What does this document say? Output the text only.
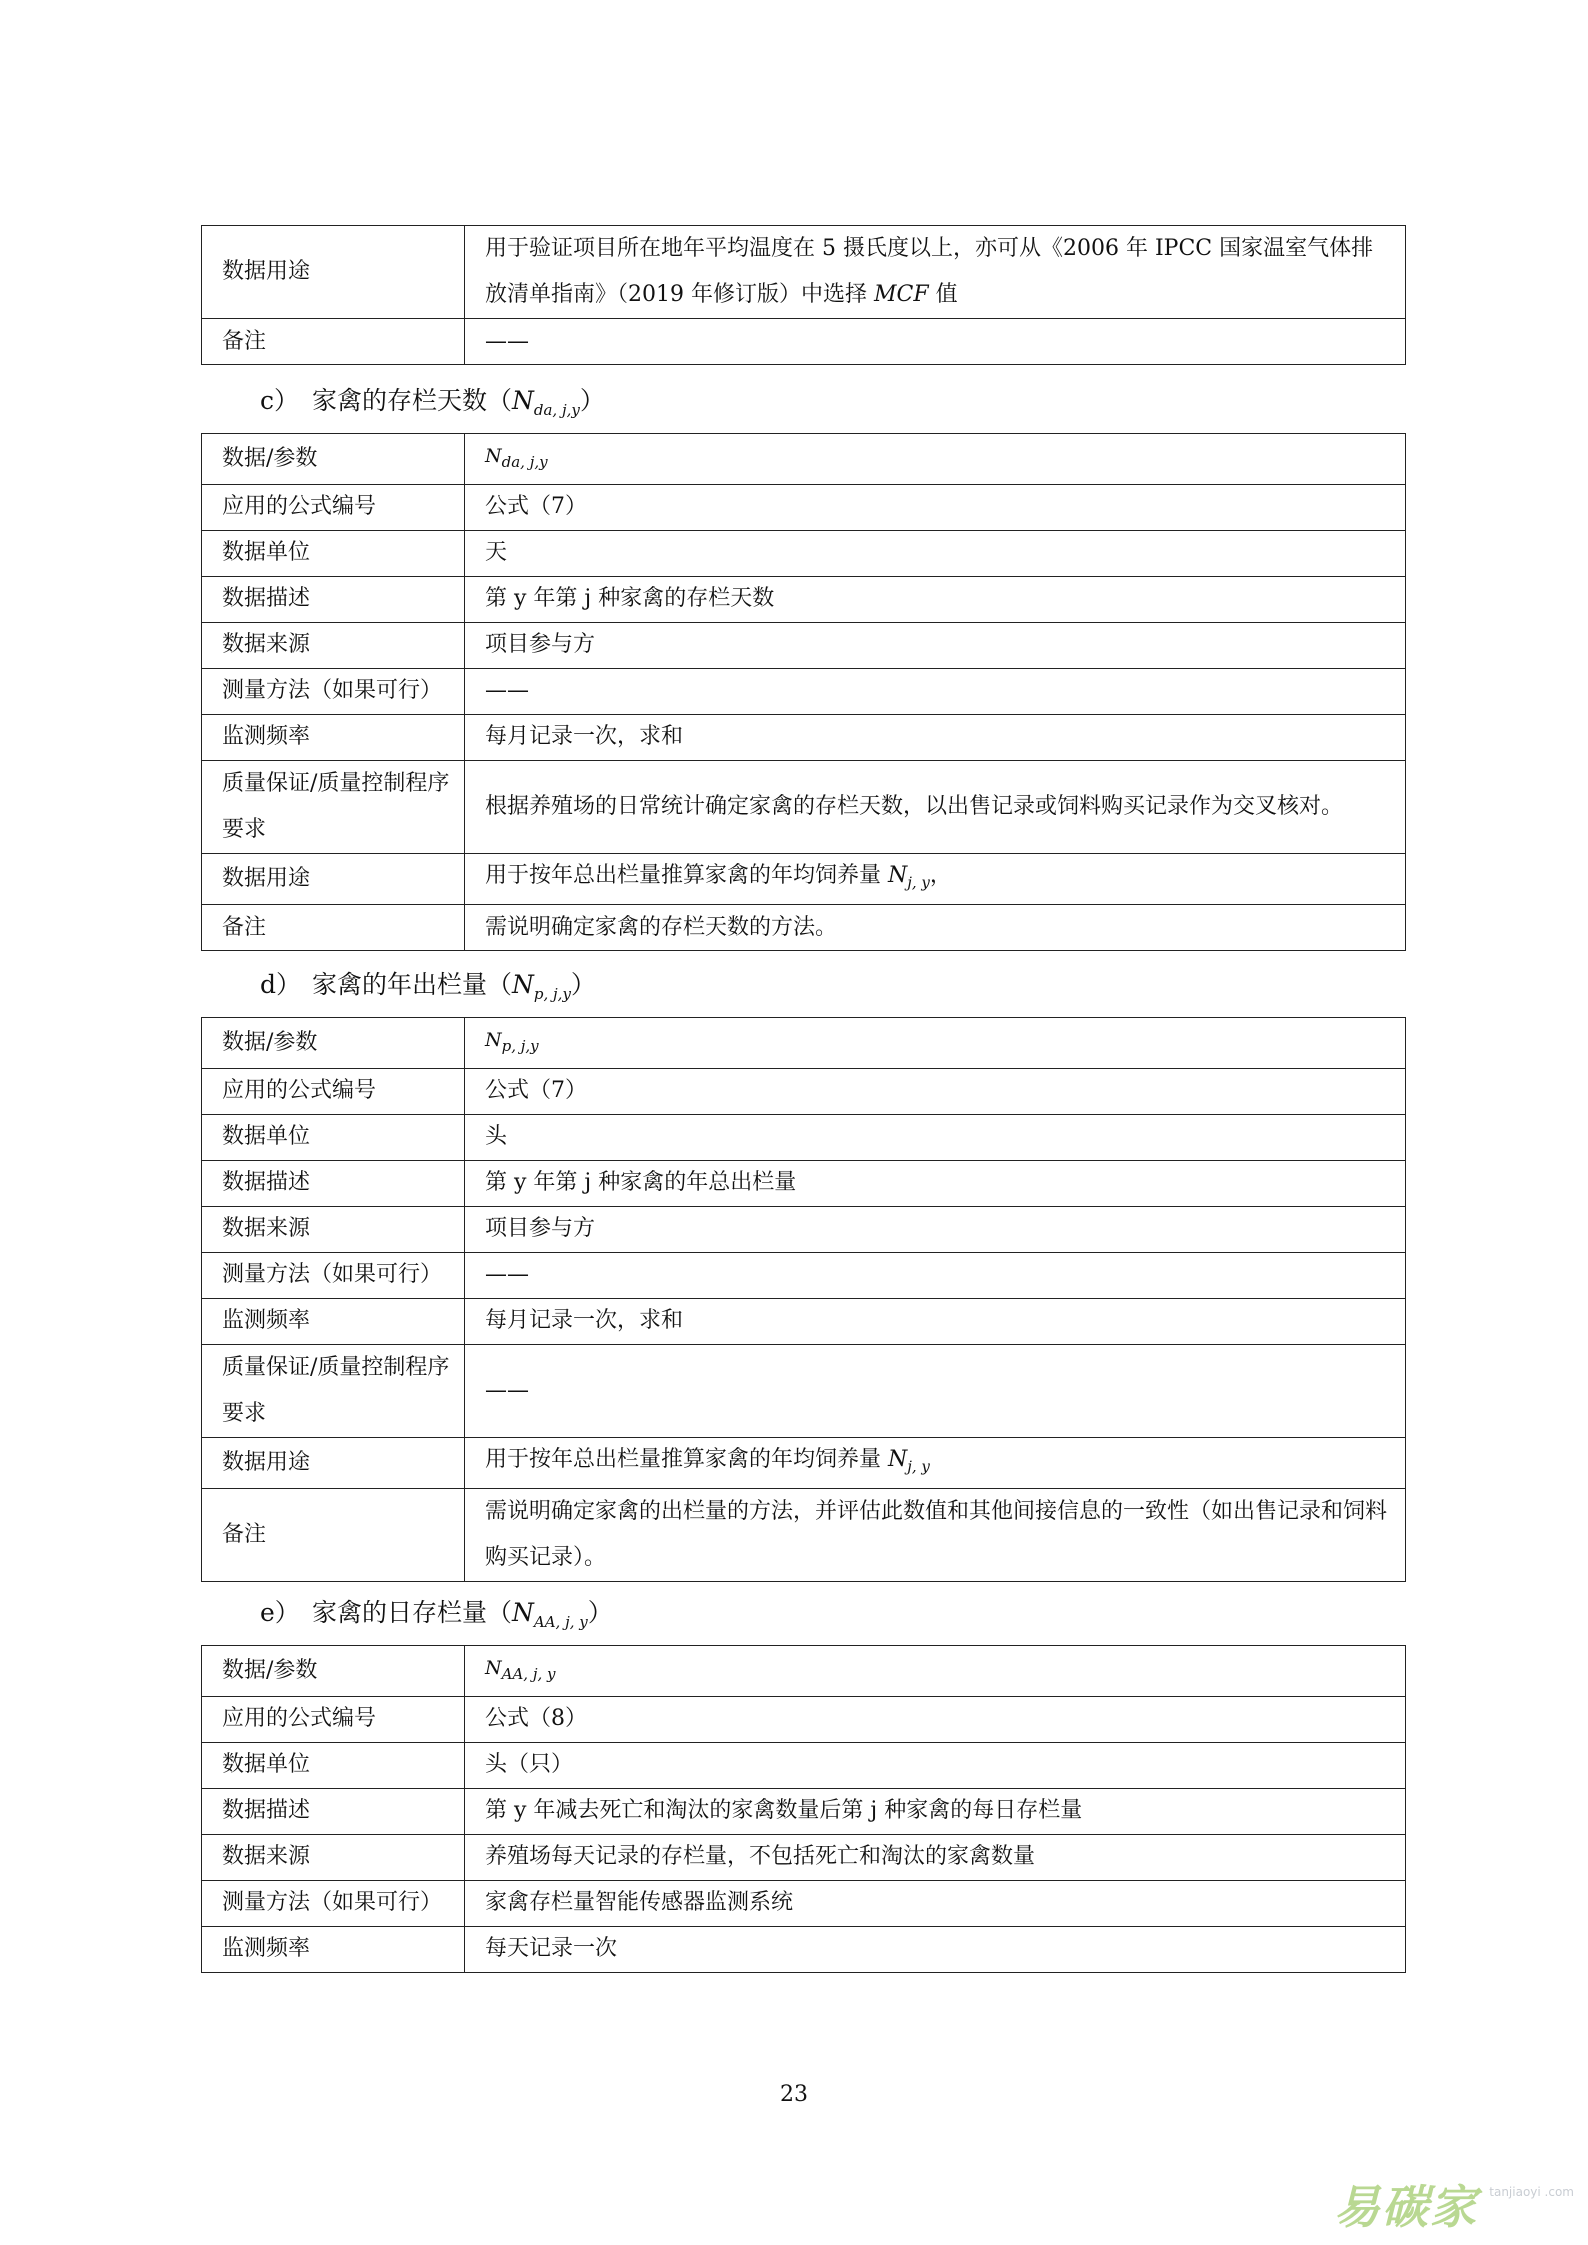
数据用途	用于验证项目所在地年平均温度在 5 摄氏度以上，亦可从《2006 年 IPCC 国家温室气体排放清单指南》（2019 年修订版）中选择 MCF 值
备注	——
c） 家禽的存栏天数$(N_{da, j,y})$
数据/参数	$N_{da, j,y}$
应用的公式编号	公式（7）
数据单位	天
数据描述	第 y 年第 j 种家禽的存栏天数
数据来源	项目参与方
测量方法（如果可行）	——
监测频率	每月记录一次，求和
质量保证/质量控制程序要求	根据养殖场的日常统计确定家禽的存栏天数，以出售记录或饲料购买记录作为交叉核对。
数据用途	用于按年总出栏量推算家禽的年均饲养量 $N_{j, y}$，
备注	需说明确定家禽的存栏天数的方法。
d） 家禽的年出栏量$(N_{p, j,y})$
数据/参数	$N_{p, j,y}$
应用的公式编号	公式（7）
数据单位	头
数据描述	第 y 年第 j 种家禽的年总出栏量
数据来源	项目参与方
测量方法（如果可行）	——
监测频率	每月记录一次，求和
质量保证/质量控制程序要求	——
数据用途	用于按年总出栏量推算家禽的年均饲养量 $N_{j, y}$
备注	需说明确定家禽的出栏量的方法，并评估此数值和其他间接信息的一致性（如出售记录和饲料购买记录）。
e） 家禽的日存栏量$(N_{AA, j, y})$
数据/参数	$N_{AA, j, y}$
应用的公式编号	公式（8）
数据单位	头（只）
数据描述	第 y 年减去死亡和淘汰的家禽数量后第 j 种家禽的每日存栏量
数据来源	养殖场每天记录的存栏量，不包括死亡和淘汰的家禽数量
测量方法（如果可行）	家禽存栏量智能传感器监测系统
监测频率	每天记录一次
23
易碳家 tanjiaoyi .com
